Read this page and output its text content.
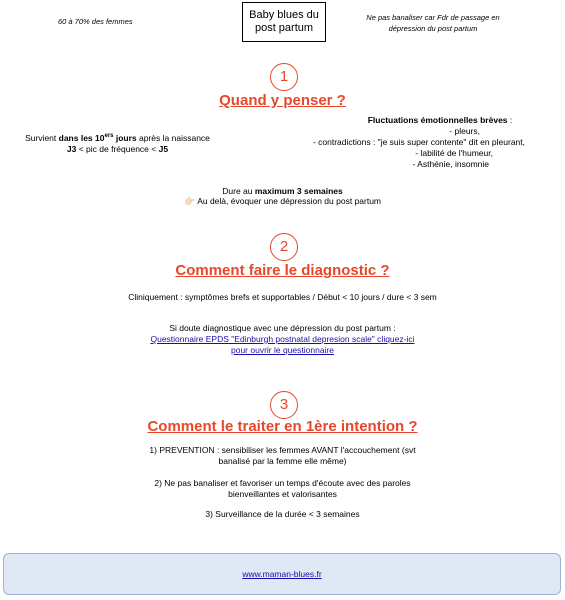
60 à 70% des femmes
Baby blues du post partum
Ne pas banaliser car Fdr de passage en dépression du post partum
1
Quand y penser ?
Survient dans les 10ers jours après la naissance
J3 < pic de fréquence < J5
Fluctuations émotionnelles brèves :
- pleurs,
- contradictions : "je suis super contente" dit en pleurant,
- labilité de l'humeur,
- Asthénie, insomnie
Dure au maximum 3 semaines
👉🏻 Au delà, évoquer une dépression du post partum
2
Comment faire le diagnostic ?
Cliniquement : symptômes brefs et supportables / Début < 10 jours / dure < 3 sem
Si doute diagnostique avec une dépression du post partum :
Questionnaire EPDS "Edinburgh postnatal depresion scale" cliquez-ici
pour ouvrir le questionnaire
3
Comment le traiter en 1ère intention ?
1) PREVENTION : sensibiliser les femmes AVANT l'accouchement (svt
banalisé par la femme elle même)
2) Ne pas banaliser et favoriser un temps d'écoute avec des paroles
bienveillantes et valorisantes
3) Surveillance de la durée < 3 semaines
www.maman-blues.fr
